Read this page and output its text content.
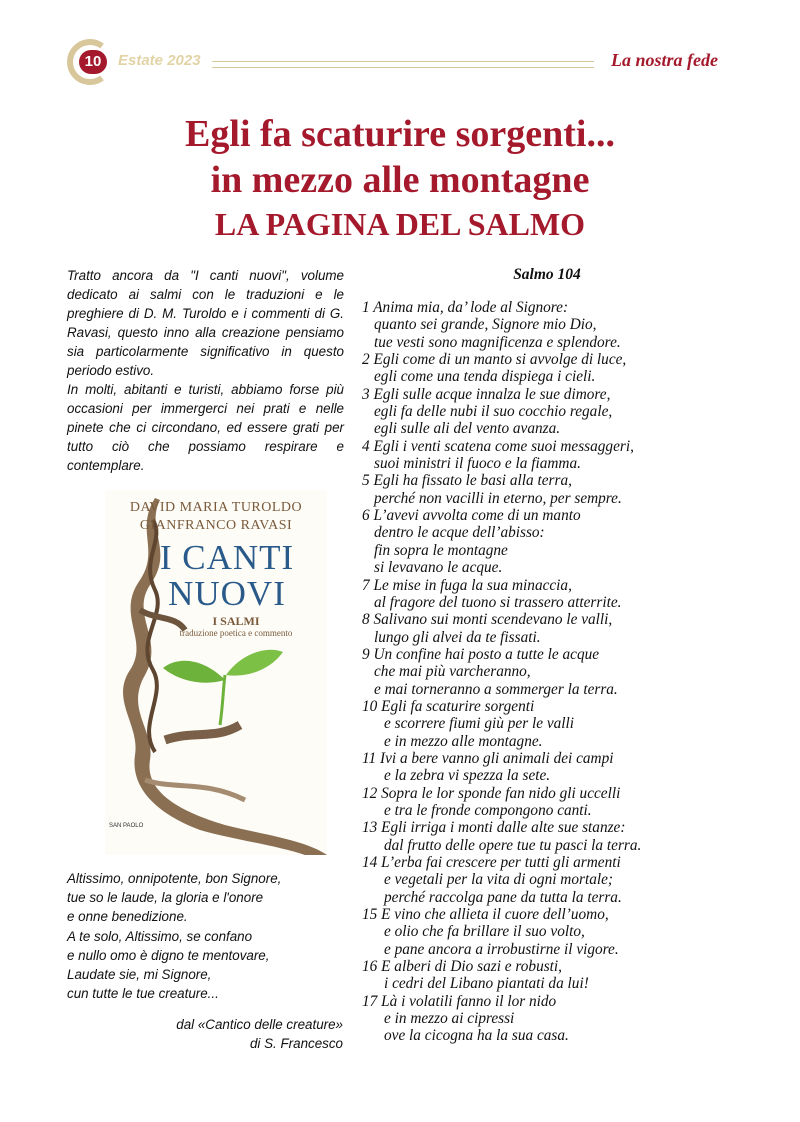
10	Estate 2023	La nostra fede
Egli fa scaturire sorgenti...
in mezzo alle montagne
LA PAGINA DEL SALMO

Tratto ancora da "I canti nuovi", volume dedicato ai salmi con le traduzioni e le preghiere di D. M. Turoldo e i commenti di G. Ravasi, questo inno alla creazione pensiamo sia particolarmente significativo in questo periodo estivo.

In molti, abitanti e turisti, abbiamo forse più occasioni per immergerci nei prati e nelle pinete che ci circondano, ed essere grati per tutto ciò che possiamo respirare e contemplare.

DAVID MARIA TUROLDO
GIANFRANCO RAVASI
I CANTI
NUOVI
I SALMI
traduzione poetica e commento
SAN PAOLO
Altissimo, onnipotente, bon Signore,
tue so le laude, la gloria e l'onore
e onne benedizione.
A te solo, Altissimo, se confano
e nullo omo è digno te mentovare,
Laudate sie, mi Signore,
cun tutte le tue creature...
dal «Cantico delle creature»
di S. Francesco
Salmo 104
1 Anima mia, da’ lode al Signore:
quanto sei grande, Signore mio Dio,
tue vesti sono magnificenza e splendore.
2 Egli come di un manto si avvolge di luce,
egli come una tenda dispiega i cieli.
3 Egli sulle acque innalza le sue dimore,
egli fa delle nubi il suo cocchio regale,
egli sulle ali del vento avanza.
4 Egli i venti scatena come suoi messaggeri,
suoi ministri il fuoco e la fiamma.
5 Egli ha fissato le basi alla terra,
perché non vacilli in eterno, per sempre.
6 L’avevi avvolta come di un manto
dentro le acque dell’abisso:
fin sopra le montagne
si levavano le acque.
7 Le mise in fuga la sua minaccia,
al fragore del tuono si trassero atterrite.
8 Salivano sui monti scendevano le valli,
lungo gli alvei da te fissati.
9 Un confine hai posto a tutte le acque
che mai più varcheranno,
e mai torneranno a sommerger la terra.
10 Egli fa scaturire sorgenti
e scorrere fiumi giù per le valli
e in mezzo alle montagne.
11 Ivi a bere vanno gli animali dei campi
e la zebra vi spezza la sete.
12 Sopra le lor sponde fan nido gli uccelli
e tra le fronde compongono canti.
13 Egli irriga i monti dalle alte sue stanze:
dal frutto delle opere tue tu pasci la terra.
14 L’erba fai crescere per tutti gli armenti
e vegetali per la vita di ogni mortale;
perché raccolga pane da tutta la terra.
15 E vino che allieta il cuore dell’uomo,
e olio che fa brillare il suo volto,
e pane ancora a irrobustirne il vigore.
16 E alberi di Dio sazi e robusti,
i cedri del Libano piantati da lui!
17 Là i volatili fanno il lor nido
e in mezzo ai cipressi
ove la cicogna ha la sua casa.
